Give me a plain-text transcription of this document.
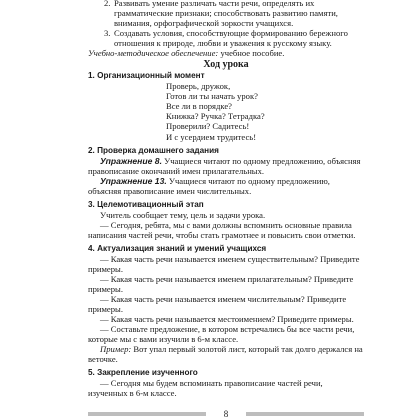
2. Развивать умение различать части речи, определять их грамматические признаки; способствовать развитию памяти, внимания, орфографической зоркости учащихся.

3. Создавать условия, способствующие формированию бережного отношения к природе, любви и уважения к русскому языку.

Учебно-методическое обеспечение: учебное пособие.

Ход урока

1. Организационный момент

Проверь, дружок,

Готов ли ты начать урок?

Все ли в порядке?

Книжка? Ручка? Тетрадка?

Проверили? Садитесь!

И с усердием трудитесь!

2. Проверка домашнего задания

Упражнение 8. Учащиеся читают по одному предложению, объясняя правописание окончаний имен прилагательных.

Упражнение 13. Учащиеся читают по одному предложению, объясняя правописание имен числительных.

3. Целемотивационный этап

Учитель сообщает тему, цель и задачи урока.

— Сегодня, ребята, мы с вами должны вспомнить основные правила написания частей речи, чтобы стать грамотнее и повысить свои отметки.

4. Актуализация знаний и умений учащихся

— Какая часть речи называется именем существительным? Приведите примеры.

— Какая часть речи называется именем прилагательным? Приведите примеры.

— Какая часть речи называется именем числительным? Приведите примеры.

— Какая часть речи называется местоимением? Приведите примеры.

— Составьте предложение, в котором встречались бы все части речи, которые мы с вами изучили в 6-м классе.

Пример: Вот упал первый золотой лист, который так долго держался на веточке.

5. Закрепление изученного

— Сегодня мы будем вспоминать правописание частей речи, изученных в 6-м классе.

8
